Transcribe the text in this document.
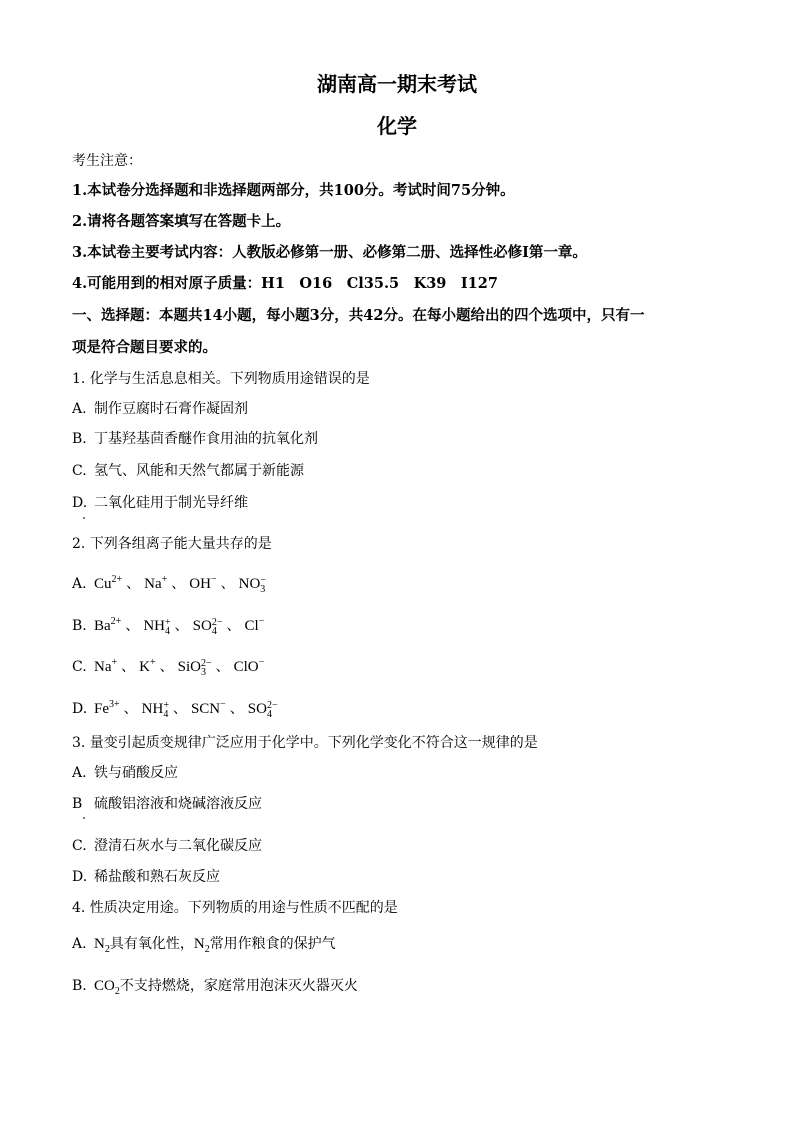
湖南高一期末考试
化学
考生注意：
1.本试卷分选择题和非选择题两部分，共100分。考试时间75分钟。
2.请将各题答案填写在答题卡上。
3.本试卷主要考试内容：人教版必修第一册、必修第二册、选择性必修Ⅰ第一章。
4.可能用到的相对原子质量：H1　O16　Cl35.5　K39　I127
一、选择题：本题共14小题，每小题3分，共42分。在每小题给出的四个选项中，只有一
项是符合题目要求的。
1. 化学与生活息息相关。下列物质用途错误的是
A. 制作豆腐时石膏作凝固剂
B. 丁基羟基茴香醚作食用油的抗氧化剂
C. 氢气、风能和天然气都属于新能源
D. 二氧化硅用于制光导纤维
2. 下列各组离子能大量共存的是
A. $Cu^{2+}$ 、 Na+ 、 OH− 、 NO −
3
B. $Ba^{2+}$ 、 NH +
4 、 SO 2−
4 、 Cl−
C. Na+ 、 K+ 、 SiO 2−
3 、 ClO−
D. $Fe^{3+}$ 、 NH +
4 、 SCN− 、 SO 2−
4
3. 量变引起质变规律广泛应用于化学中。下列化学变化不符合这一规律的是
A. 铁与硝酸反应
B 硫酸铝溶液和烧碱溶液反应
C. 澄清石灰水与二氧化碳反应
D. 稀盐酸和熟石灰反应
4. 性质决定用途。下列物质的用途与性质不匹配的是
A. $N_2$具有氧化性，$N_2$常用作粮食的保护气
B. $CO_2$不支持燃烧，家庭常用泡沫灭火器灭火
